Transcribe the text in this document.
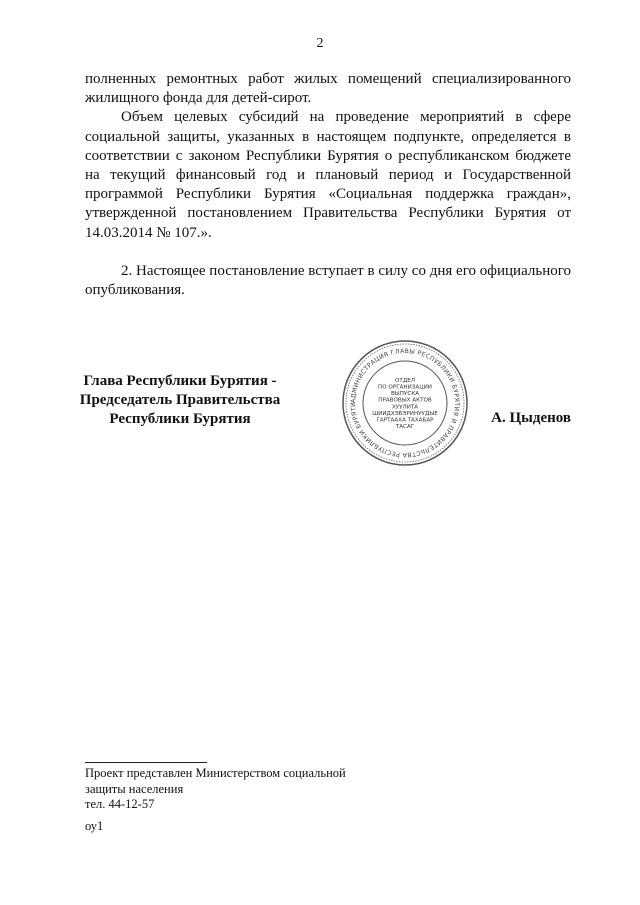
2

полненных ремонтных работ жилых помещений специализированного жилищного фонда для детей-сирот.

Объем целевых субсидий на проведение мероприятий в сфере социальной защиты, указанных в настоящем подпункте, определяется в соответствии с законом Республики Бурятия о республиканском бюджете на текущий финансовый год и плановый период и Государственной программой Республики Бурятия «Социальная поддержка граждан», утвержденной постановлением Правительства Республики Бурятия от 14.03.2014 № 107.».

2. Настоящее постановление вступает в силу со дня его официального опубликования.

Глава Республики Бурятия -
Председатель Правительства
Республики Бурятия
АДМИНИСТРАЦИЯ ГЛАВЫ РЕСПУБЛИКИ БУРЯТИЯ И ПРАВИТЕЛЬСТВА РЕСПУБЛИКИ БУРЯТИ
ОТДЕЛ
ПО ОРГАНИЗАЦИИ
ВЫПУСКА
ПРАВОВЫХ АКТОВ
ХУУЛИТА
ШИИДХЭБЭРИНУУДЫЕ
ГАРТААХА ТАХАБАР
ТАСАГ
А. Цыденов
Проект представлен Министерством социальной
защиты населения
тел. 44-12-57
оу1
